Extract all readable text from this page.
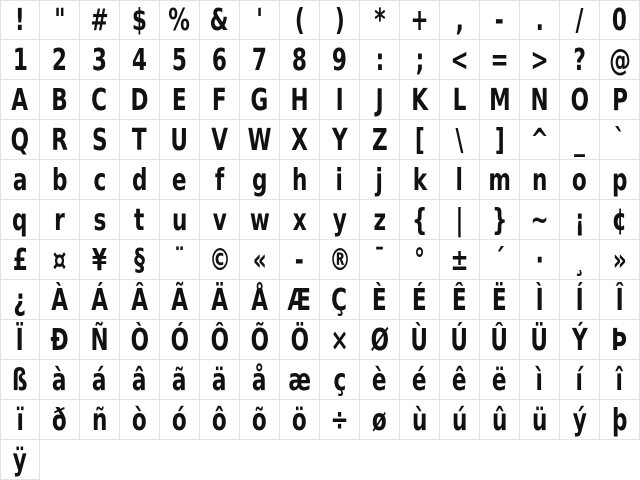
! " # $ % & ' ( ) * + , - . / 0
1 2 3 4 5 6 7 8 9 : ; < = > ? @
A B C D E F G H I J K L M N O P
Q R S T U V W X Y Z [ \ ] ^ _ `
a b c d e f g h i j k l m n o p
q r s t u v w x y z { | } ~ ¡ ¢
£ ¤ ¥ § ¨ © « - ® ¯ ° ± ´ · ¸ »
¿ À Á Â Ã Ä Å Æ Ç È É Ê Ë Ì Í Î
Ï Ð Ñ Ò Ó Ô Õ Ö × Ø Ù Ú Û Ü Ý Þ
ß à á â ã ä å æ ç è é ê ë ì í î
ï ð ñ ò ó ô õ ö ÷ ø ù ú û ü ý þ
ÿ
